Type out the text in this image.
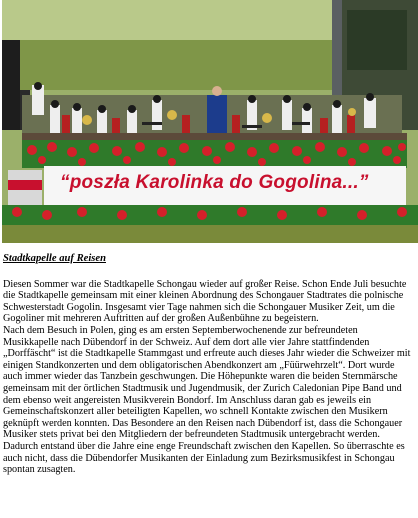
“poszła Karolinka do Gogolina...”
Stadtkapelle auf Reisen

Diesen Sommer war die Stadtkapelle Schongau wieder auf großer Reise. Schon Ende Juli besuchte die Stadtkapelle gemeinsam mit einer kleinen Abordnung des Schongauer Stadtrates die polnische Schwesterstadt Gogolin. Insgesamt vier Tage nahmen sich die Schongauer Musiker Zeit, um die Gogoliner mit mehreren Auftritten auf der großen Außenbühne zu begeistern.

Nach dem Besuch in Polen, ging es am ersten Septemberwochenende zur befreundeten Musikkapelle nach Dübendorf in der Schweiz. Auf dem dort alle vier Jahre stattfindenden „Dorffäscht“ ist die Stadtkapelle Stammgast und erfreute auch dieses Jahr wieder die Schweizer mit einigen Standkonzerten und dem obligatorischen Abendkonzert am „Füürwehrzelt“. Dort wurde auch immer wieder das Tanzbein geschwungen. Die Höhepunkte waren die beiden Sternmärsche gemeinsam mit der örtlichen Stadtmusik und Jugendmusik, der Zurich Caledonian Pipe Band und dem ebenso weit angereisten Musikverein Bondorf. Im Anschluss daran gab es jeweils ein Gemeinschaftskonzert aller beteiligten Kapellen, wo schnell Kontakte zwischen den Musikern geknüpft werden konnten. Das Besondere an den Reisen nach Dübendorf ist, dass die Schongauer Musiker stets privat bei den Mitgliedern der befreundeten Stadtmusik untergebracht werden. Dadurch entstand über die Jahre eine enge Freundschaft zwischen den Kapellen. So überraschte es auch nicht, dass die Dübendorfer Musikanten der Einladung zum Bezirksmusikfest in Schongau spontan zusagten.
